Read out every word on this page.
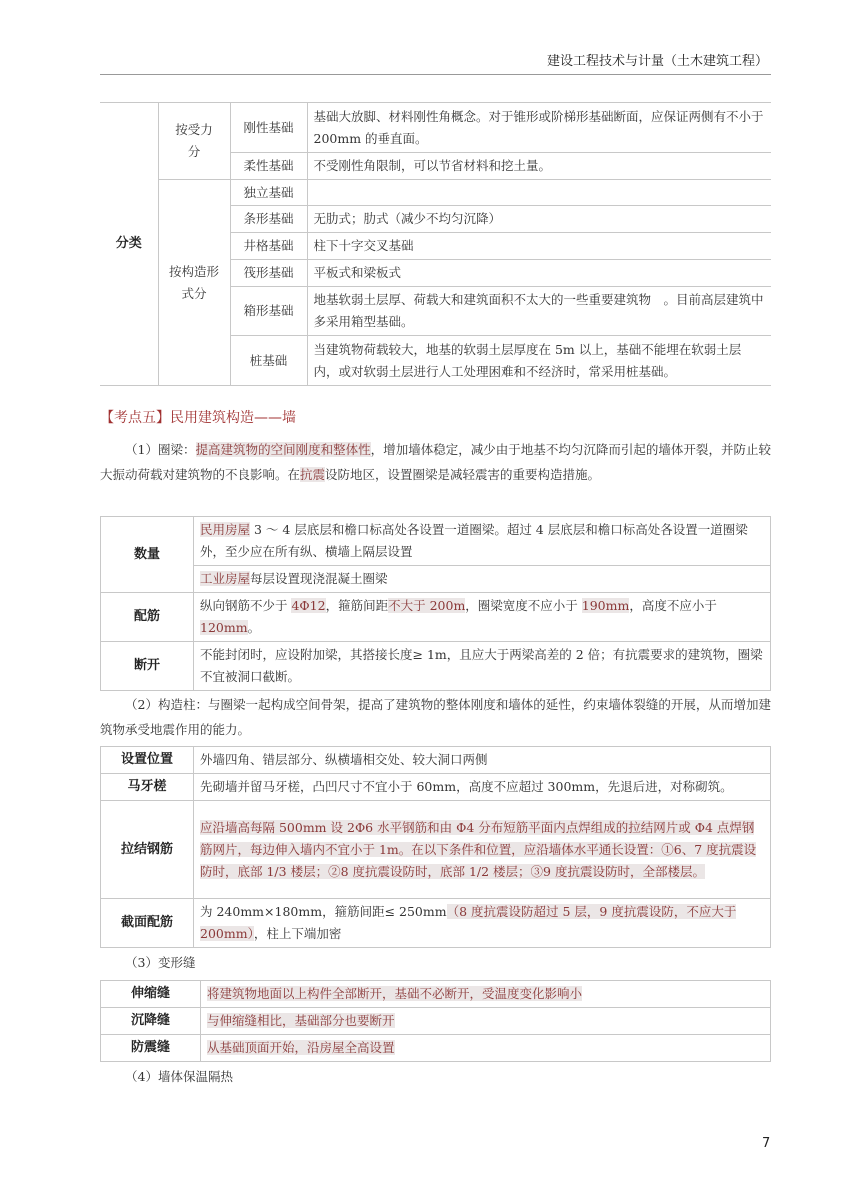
建设工程技术与计量（土木建筑工程）
分类	按受力分	刚性基础	基础大放脚、材料刚性角概念。对于锥形或阶梯形基础断面，应保证两侧有不小于 200mm 的垂直面。
		柔性基础	不受刚性角限制，可以节省材料和挖土量。
	按构造形式分	独立基础	
		条形基础	无肋式；肋式（减少不均匀沉降）
		井格基础	柱下十字交叉基础
		筏形基础	平板式和梁板式
		箱形基础	地基软弱土层厚、荷载大和建筑面积不太大的一些重要建筑物　。目前高层建筑中多采用箱型基础。
		桩基础	当建筑物荷载较大，地基的软弱土层厚度在 5m 以上，基础不能埋在软弱土层内，或对软弱土层进行人工处理困难和不经济时，常采用桩基础。
【考点五】民用建筑构造——墙
（1）圈梁：提高建筑物的空间刚度和整体性，增加墙体稳定，减少由于地基不均匀沉降而引起的墙体开裂，并防止较大振动荷载对建筑物的不良影响。在抗震设防地区，设置圈梁是减轻震害的重要构造措施。
数量	民用房屋 3 ～ 4 层底层和檐口标高处各设置一道圈梁。超过 4 层底层和檐口标高处各设置一道圈梁外，至少应在所有纵、横墙上隔层设置
	工业房屋每层设置现浇混凝土圈梁
配筋	纵向钢筋不少于 4Φ12，箍筋间距不大于 200m，圈梁宽度不应小于 190mm，高度不应小于 120mm。
断开	不能封闭时，应设附加梁，其搭接长度≥ 1m，且应大于两梁高差的 2 倍；有抗震要求的建筑物，圈梁不宜被洞口截断。
（2）构造柱：与圈梁一起构成空间骨架，提高了建筑物的整体刚度和墙体的延性，约束墙体裂缝的开展，从而增加建筑物承受地震作用的能力。
设置位置	外墙四角、错层部分、纵横墙相交处、较大洞口两侧
马牙槎	先砌墙并留马牙槎，凸凹尺寸不宜小于 60mm，高度不应超过 300mm，先退后进，对称砌筑。
拉结钢筋	应沿墙高每隔 500mm 设 2Φ6 水平钢筋和由 Φ4 分布短筋平面内点焊组成的拉结网片或 Φ4 点焊钢筋网片，每边伸入墙内不宜小于 1m。在以下条件和位置，应沿墙体水平通长设置：①6、7 度抗震设防时，底部 1/3 楼层；②8 度抗震设防时，底部 1/2 楼层；③9 度抗震设防时，全部楼层。
截面配筋	为 240mm×180mm，箍筋间距≤ 250mm（8 度抗震设防超过 5 层，9 度抗震设防，不应大于 200mm），柱上下端加密
（3）变形缝
伸缩缝	将建筑物地面以上构件全部断开，基础不必断开，受温度变化影响小
沉降缝	与伸缩缝相比，基础部分也要断开
防震缝	从基础顶面开始，沿房屋全高设置
（4）墙体保温隔热
7
